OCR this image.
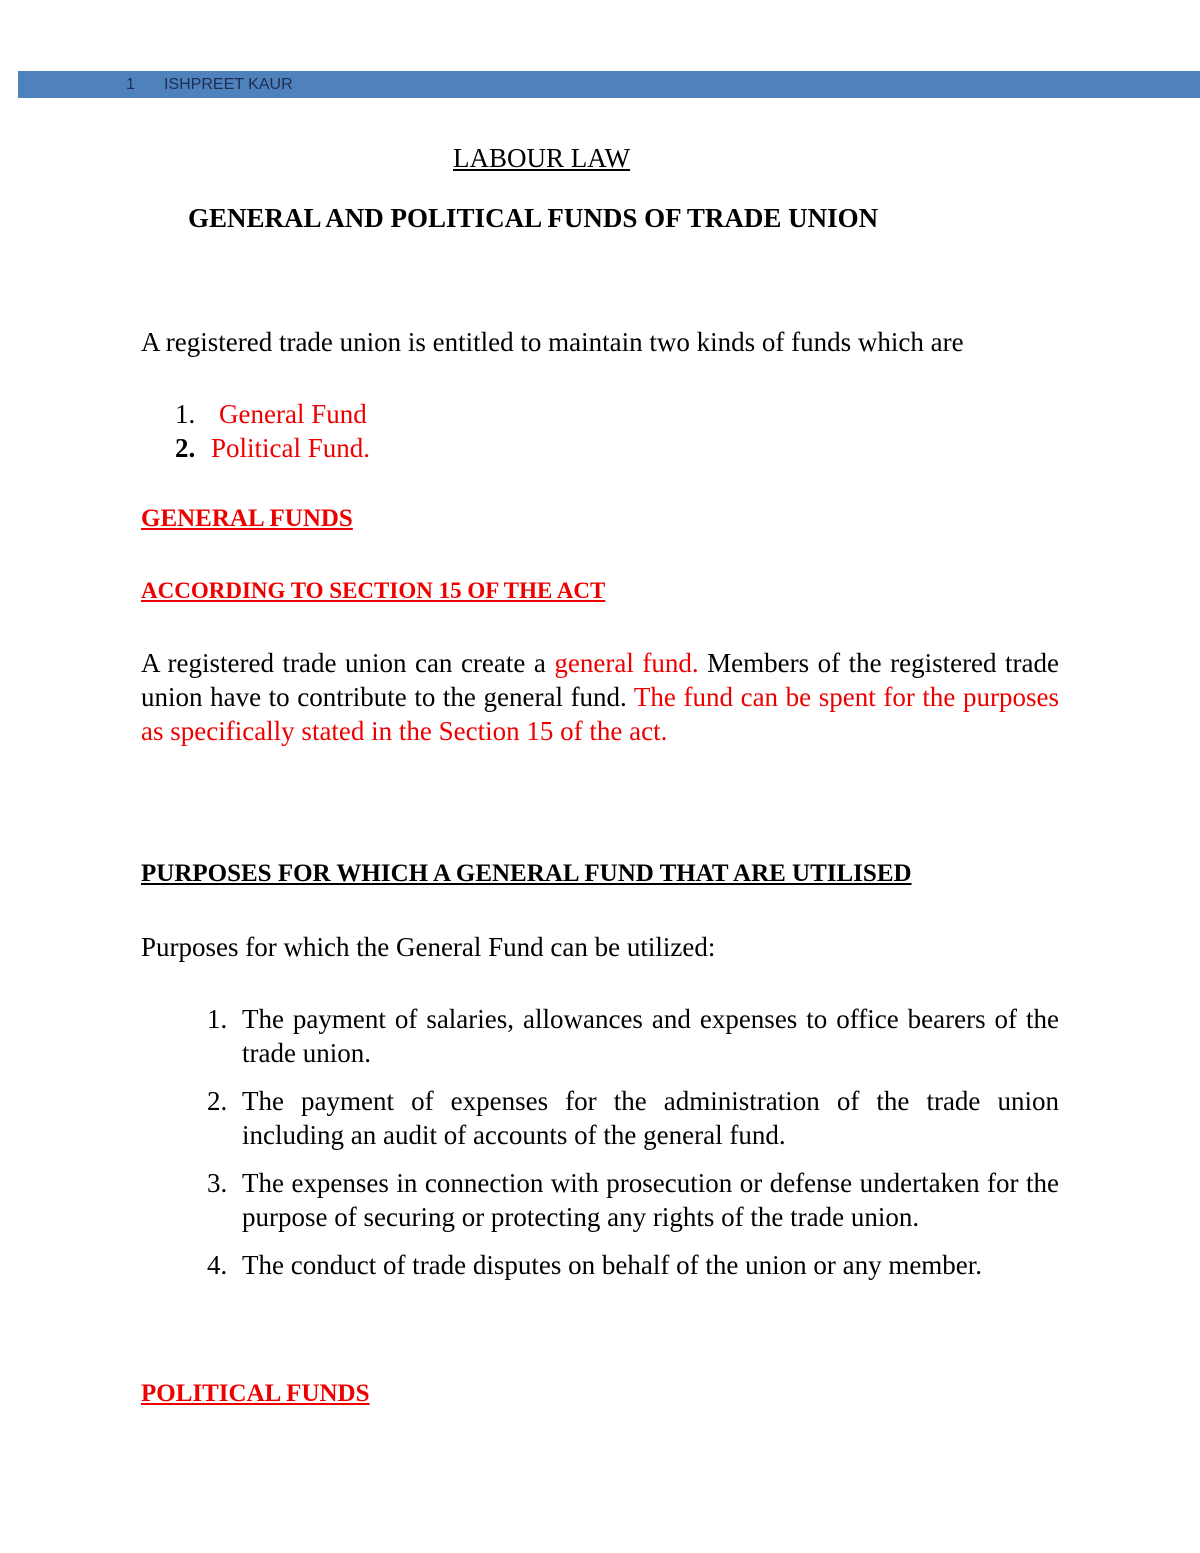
1 ISHPREET KAUR
LABOUR LAW
GENERAL AND POLITICAL FUNDS OF TRADE UNION
A registered trade union is entitled to maintain two kinds of funds which are
1. General Fund
2. Political Fund.
GENERAL FUNDS
ACCORDING TO SECTION 15 OF THE ACT
A registered trade union can create a general fund. Members of the registered trade union have to contribute to the general fund. The fund can be spent for the purposes as specifically stated in the Section 15 of the act.
PURPOSES FOR WHICH A GENERAL FUND THAT ARE UTILISED
Purposes for which the General Fund can be utilized:
1. The payment of salaries, allowances and expenses to office bearers of the trade union.
2. The payment of expenses for the administration of the trade union including an audit of accounts of the general fund.
3. The expenses in connection with prosecution or defense undertaken for the purpose of securing or protecting any rights of the trade union.
4. The conduct of trade disputes on behalf of the union or any member.
POLITICAL FUNDS
